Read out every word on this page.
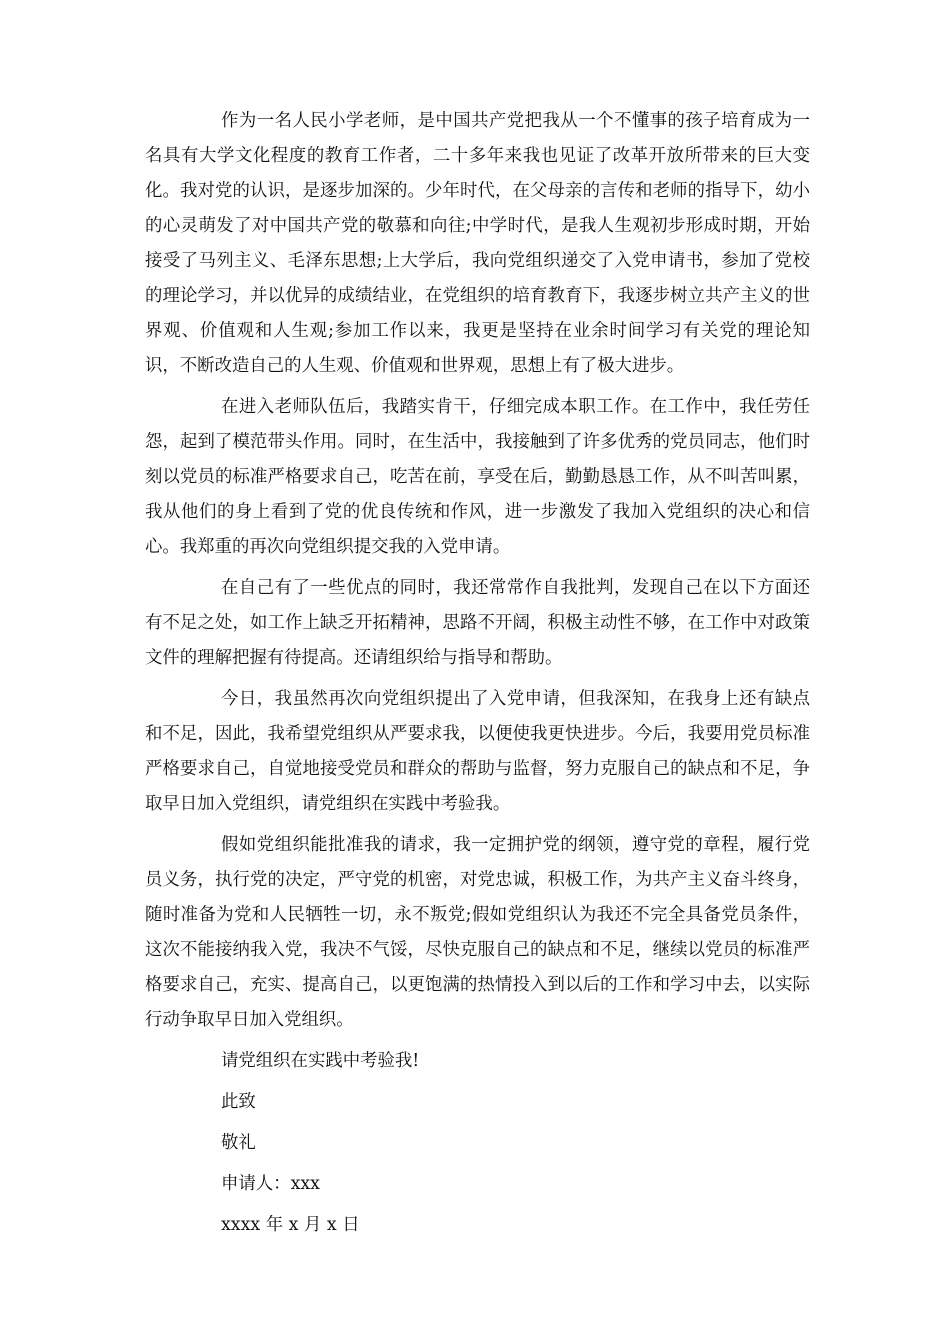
作为一名人民小学老师，是中国共产党把我从一个不懂事的孩子培育成为一名具有大学文化程度的教育工作者，二十多年来我也见证了改革开放所带来的巨大变化。我对党的认识，是逐步加深的。少年时代，在父母亲的言传和老师的指导下，幼小的心灵萌发了对中国共产党的敬慕和向往;中学时代，是我人生观初步形成时期，开始接受了马列主义、毛泽东思想;上大学后，我向党组织递交了入党申请书，参加了党校的理论学习，并以优异的成绩结业，在党组织的培育教育下，我逐步树立共产主义的世界观、价值观和人生观;参加工作以来，我更是坚持在业余时间学习有关党的理论知识，不断改造自己的人生观、价值观和世界观，思想上有了极大进步。

在进入老师队伍后，我踏实肯干，仔细完成本职工作。在工作中，我任劳任怨，起到了模范带头作用。同时，在生活中，我接触到了许多优秀的党员同志，他们时刻以党员的标准严格要求自己，吃苦在前，享受在后，勤勤恳恳工作，从不叫苦叫累，我从他们的身上看到了党的优良传统和作风，进一步激发了我加入党组织的决心和信心。我郑重的再次向党组织提交我的入党申请。

在自己有了一些优点的同时，我还常常作自我批判，发现自己在以下方面还有不足之处，如工作上缺乏开拓精神，思路不开阔，积极主动性不够，在工作中对政策文件的理解把握有待提高。还请组织给与指导和帮助。

今日，我虽然再次向党组织提出了入党申请，但我深知，在我身上还有缺点和不足，因此，我希望党组织从严要求我，以便使我更快进步。今后，我要用党员标准严格要求自己，自觉地接受党员和群众的帮助与监督，努力克服自己的缺点和不足，争取早日加入党组织，请党组织在实践中考验我。

假如党组织能批准我的请求，我一定拥护党的纲领，遵守党的章程，履行党员义务，执行党的决定，严守党的机密，对党忠诚，积极工作，为共产主义奋斗终身，随时准备为党和人民牺牲一切，永不叛党;假如党组织认为我还不完全具备党员条件，这次不能接纳我入党，我决不气馁，尽快克服自己的缺点和不足，继续以党员的标准严格要求自己，充实、提高自己，以更饱满的热情投入到以后的工作和学习中去，以实际行动争取早日加入党组织。

请党组织在实践中考验我!
此致
敬礼
申请人：xxx
xxxx 年 x 月 x 日
